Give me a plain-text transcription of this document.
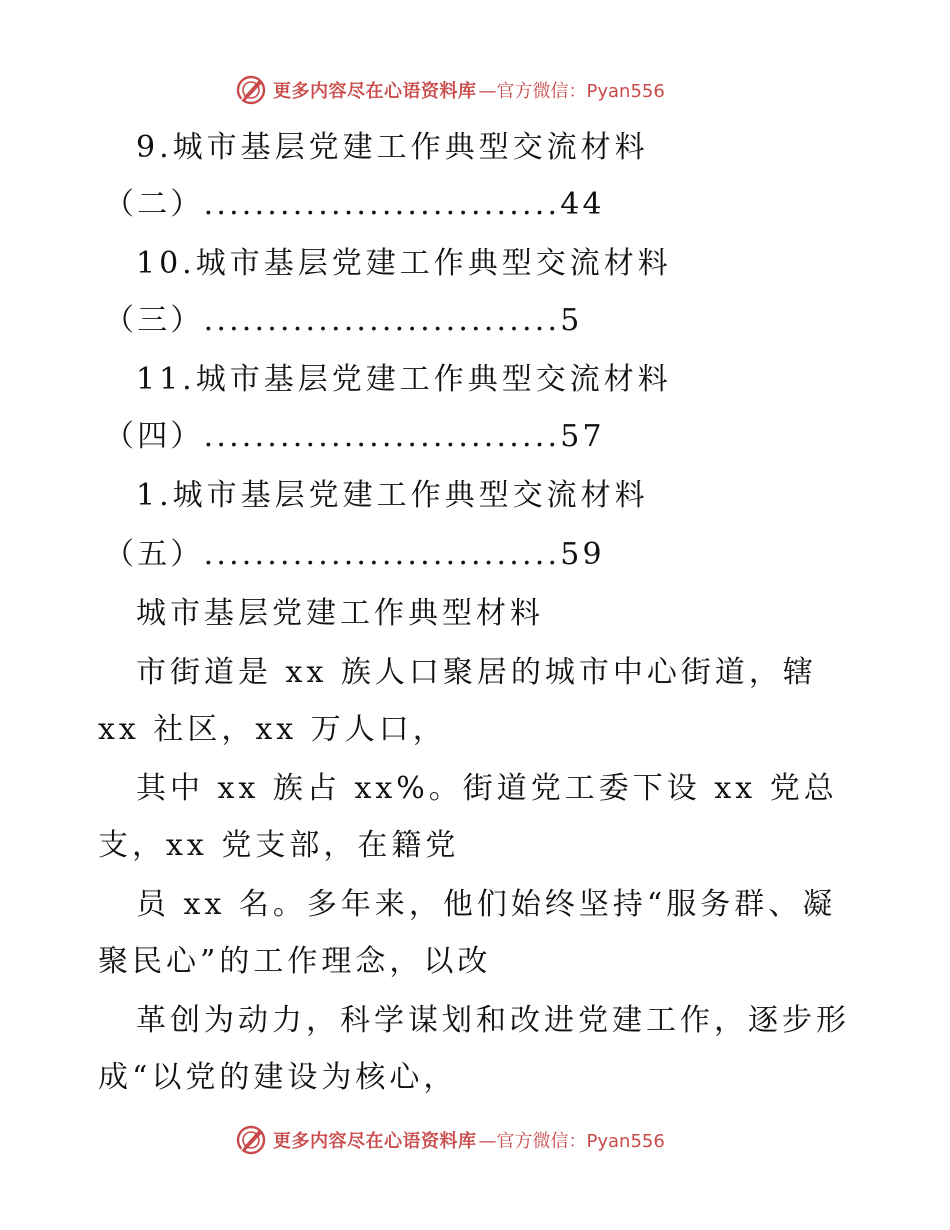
更多内容尽在心语资料库 —官方微信：Pyan556
9.城市基层党建工作典型交流材料
（二）............................44
10.城市基层党建工作典型交流材料
（三）............................5
11.城市基层党建工作典型交流材料
（四）............................57
1.城市基层党建工作典型交流材料
（五）............................59
城市基层党建工作典型材料
市街道是 xx 族人口聚居的城市中心街道，辖
xx 社区，xx 万人口，
其中 xx 族占 xx%。街道党工委下设 xx 党总
支，xx 党支部，在籍党
员 xx 名。多年来，他们始终坚持“服务群、凝
聚民心”的工作理念，以改
革创为动力，科学谋划和改进党建工作，逐步形
成“以党的建设为核心，
更多内容尽在心语资料库 —官方微信：Pyan556
